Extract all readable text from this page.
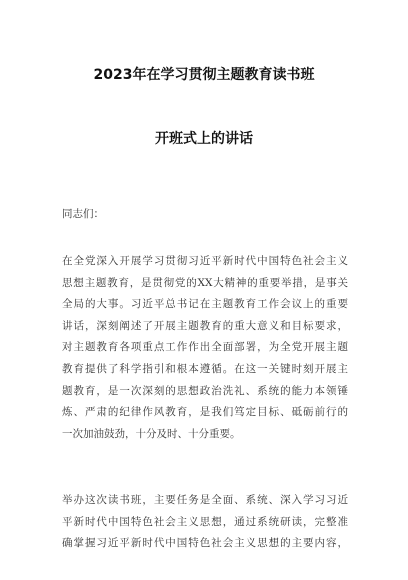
2023年在学习贯彻主题教育读书班
开班式上的讲话
同志们：
在全党深入开展学习贯彻习近平新时代中国特色社会主义
思想主题教育，是贯彻党的XX大精神的重要举措，是事关
全局的大事。习近平总书记在主题教育工作会议上的重要
讲话，深刻阐述了开展主题教育的重大意义和目标要求，
对主题教育各项重点工作作出全面部署，为全党开展主题
教育提供了科学指引和根本遵循。在这一关键时刻开展主
题教育，是一次深刻的思想政治洗礼、系统的能力本领锤
炼、严肃的纪律作风教育，是我们笃定目标、砥砺前行的
一次加油鼓劲，十分及时、十分重要。
举办这次读书班，主要任务是全面、系统、深入学习习近
平新时代中国特色社会主义思想，通过系统研读，完整准
确掌握习近平新时代中国特色社会主义思想的主要内容，
